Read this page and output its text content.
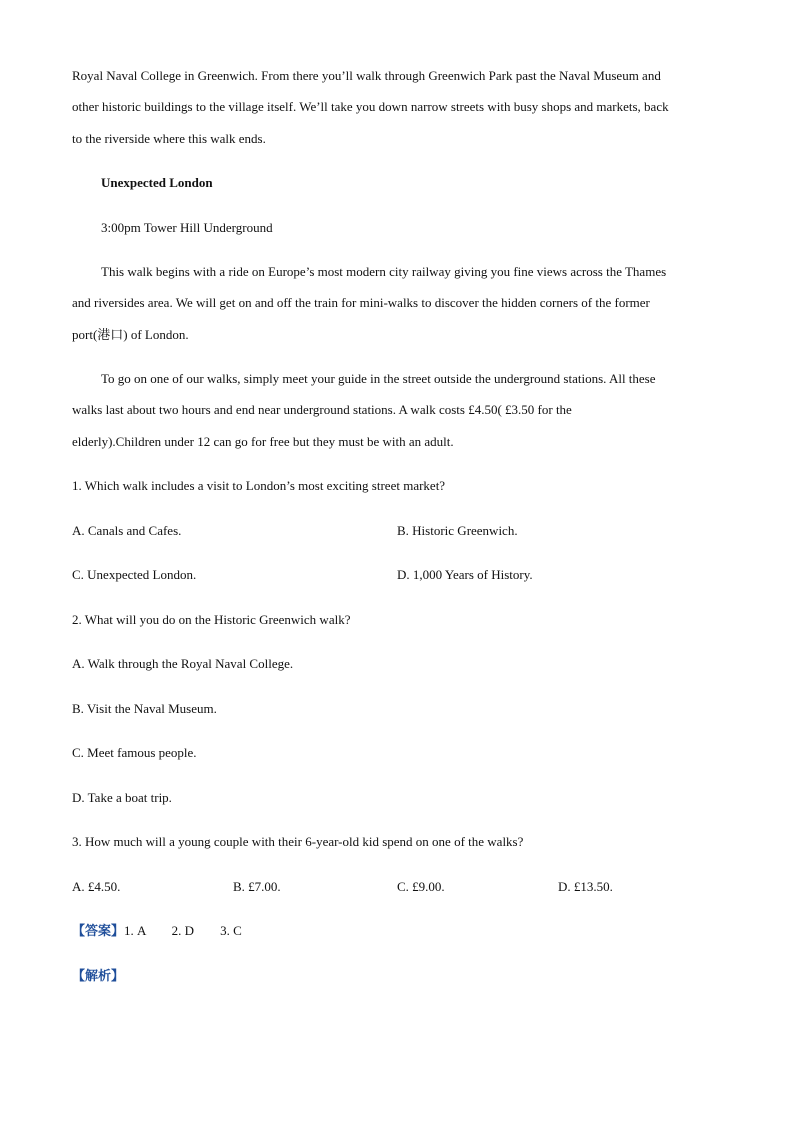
Royal Naval College in Greenwich. From there you’ll walk through Greenwich Park past the Naval Museum and
other historic buildings to the village itself. We’ll take you down narrow streets with busy shops and markets, back
to the riverside where this walk ends.
Unexpected London
3:00pm Tower Hill Underground
This walk begins with a ride on Europe’s most modern city railway giving you fine views across the Thames
and riversides area. We will get on and off the train for mini-walks to discover the hidden corners of the former
port(港口) of London.
To go on one of our walks, simply meet your guide in the street outside the underground stations. All these
walks last about two hours and end near underground stations. A walk costs £4.50( £3.50 for the
elderly).Children under 12 can go for free but they must be with an adult.
1. Which walk includes a visit to London’s most exciting street market?
A. Canals and Cafes.	B. Historic Greenwich.
C. Unexpected London.	D. 1,000 Years of History.
2. What will you do on the Historic Greenwich walk?
A. Walk through the Royal Naval College.
B. Visit the Naval Museum.
C. Meet famous people.
D. Take a boat trip.
3. How much will a young couple with their 6-year-old kid spend on one of the walks?
A. £4.50.	B. £7.00.	C. £9.00.	D. £13.50.
【答案】1. A        2. D        3. C
【解析】
